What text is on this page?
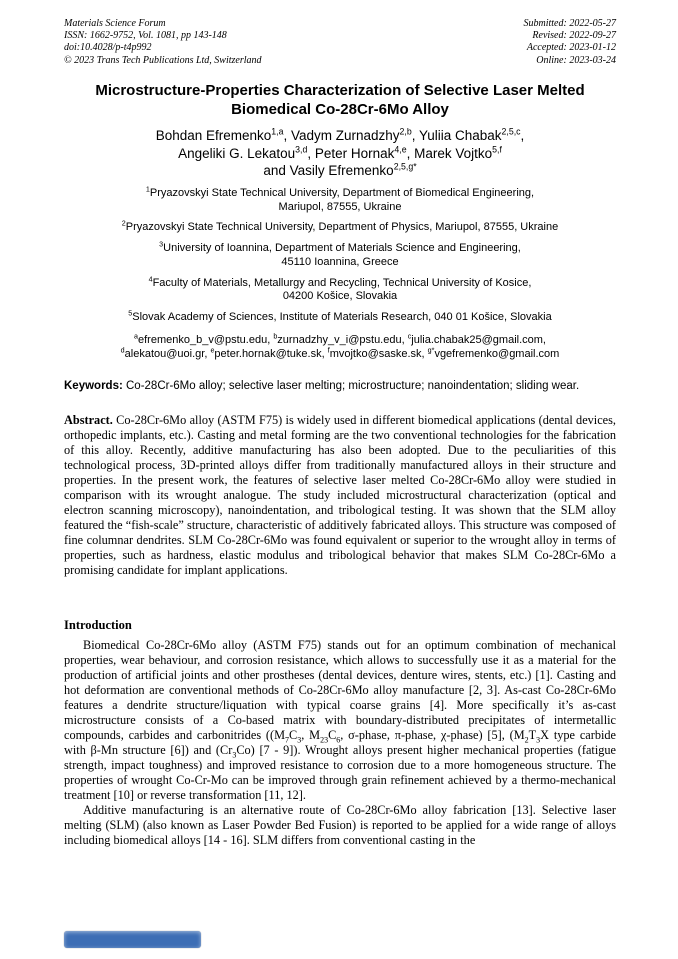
Materials Science Forum
ISSN: 1662-9752, Vol. 1081, pp 143-148
doi:10.4028/p-t4p992
© 2023 Trans Tech Publications Ltd, Switzerland
Submitted: 2022-05-27
Revised: 2022-09-27
Accepted: 2023-01-12
Online: 2023-03-24
Microstructure-Properties Characterization of Selective Laser Melted
Biomedical Co-28Cr-6Mo Alloy
Bohdan Efremenko$^{1,a}$, Vadym Zurnadzhy$^{2,b}$, Yuliia Chabak$^{2,5,c}$,
Angeliki G. Lekatou$^{3,d}$, Peter Hornak$^{4,e}$, Marek Vojtko$^{5,f}$
and Vasily Efremenko$^{2,5,g*}$
$^1$Pryazovskyi State Technical University, Department of Biomedical Engineering,
Mariupol, 87555, Ukraine
$^2$Pryazovskyi State Technical University, Department of Physics, Mariupol, 87555, Ukraine
$^3$University of Ioannina, Department of Materials Science and Engineering,
45110 Ioannina, Greece
$^4$Faculty of Materials, Metallurgy and Recycling, Technical University of Kosice,
04200 Košice, Slovakia
$^5$Slovak Academy of Sciences, Institute of Materials Research, 040 01 Košice, Slovakia
$^a$efremenko_b_v@pstu.edu, $^b$zurnadzhy_v_i@pstu.edu, $^c$julia.chabak25@gmail.com,
$^d$alekatou@uoi.gr, $^e$peter.hornak@tuke.sk, $^f$mvojtko@saske.sk, $^{g*}$vgefremenko@gmail.com

Keywords: Co-28Cr-6Mo alloy; selective laser melting; microstructure; nanoindentation; sliding wear.

Abstract. Co-28Cr-6Mo alloy (ASTM F75) is widely used in different biomedical applications (dental devices, orthopedic implants, etc.). Casting and metal forming are the two conventional technologies for the fabrication of this alloy. Recently, additive manufacturing has also been adopted. Due to the peculiarities of this technological process, 3D-printed alloys differ from traditionally manufactured alloys in their structure and properties. In the present work, the features of selective laser melted Co-28Cr-6Mo alloy were studied in comparison with its wrought analogue. The study included microstructural characterization (optical and electron scanning microscopy), nanoindentation, and tribological testing. It was shown that the SLM alloy featured the “fish-scale” structure, characteristic of additively fabricated alloys. This structure was composed of fine columnar dendrites. SLM Co-28Cr-6Mo was found equivalent or superior to the wrought alloy in terms of properties, such as hardness, elastic modulus and tribological behavior that makes SLM Co-28Cr-6Mo a promising candidate for implant applications.

Introduction
Biomedical Co-28Cr-6Mo alloy (ASTM F75) stands out for an optimum combination of mechanical properties, wear behaviour, and corrosion resistance, which allows to successfully use it as a material for the production of artificial joints and other prostheses (dental devices, denture wires, stents, etc.) [1]. Casting and hot deformation are conventional methods of Co-28Cr-6Mo alloy manufacture [2, 3]. As-cast Co-28Cr-6Mo features a dendrite structure/liquation with typical coarse grains [4]. More specifically it’s as-cast microstructure consists of a Co-based matrix with boundary-distributed precipitates of intermetallic compounds, carbides and carbonitrides (($M_7C_3$, $M_{23}C_6$, σ-phase, π-phase, χ-phase) [5], ($M_2T_3X$ type carbide with β-Mn structure [6]) and $(Cr_3Co)$ [7 - 9]). Wrought alloys present higher mechanical properties (fatigue strength, impact toughness) and improved resistance to corrosion due to a more homogeneous structure. The properties of wrought Co-Cr-Mo can be improved through grain refinement achieved by a thermo-mechanical treatment [10] or reverse transformation [11, 12].
Additive manufacturing is an alternative route of Co-28Cr-6Mo alloy fabrication [13]. Selective laser melting (SLM) (also known as Laser Powder Bed Fusion) is reported to be applied for a wide range of alloys including biomedical alloys [14 - 16]. SLM differs from conventional casting in the
